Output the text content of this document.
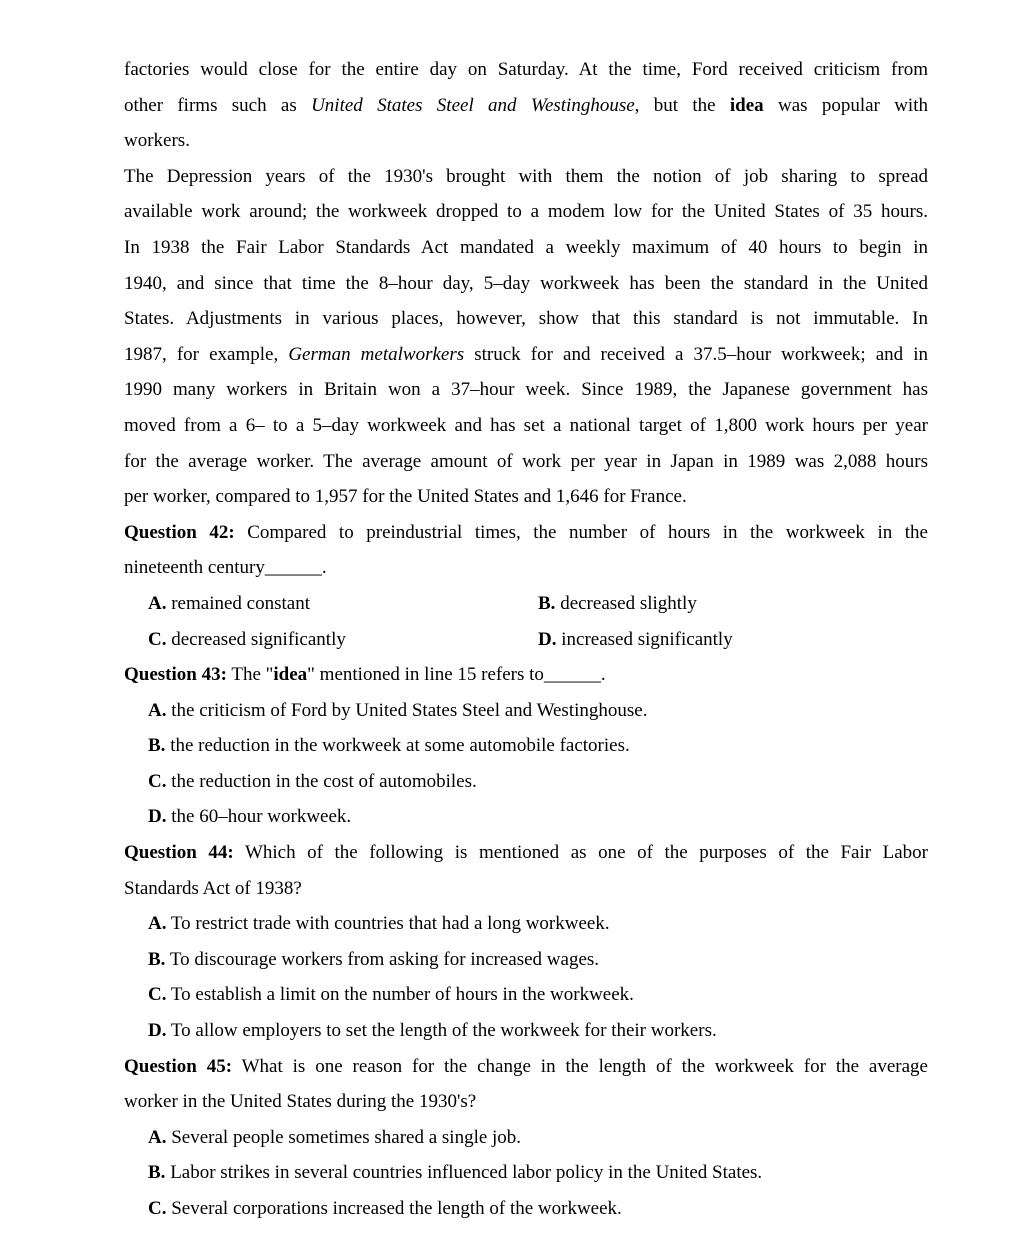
factories would close for the entire day on Saturday. At the time, Ford received criticism from
other firms such as United States Steel and Westinghouse, but the idea was popular with
workers.
The Depression years of the 1930's brought with them the notion of job sharing to spread
available work around; the workweek dropped to a modem low for the United States of 35 hours.
In 1938 the Fair Labor Standards Act mandated a weekly maximum of 40 hours to begin in
1940, and since that time the 8–hour day, 5–day workweek has been the standard in the United
States. Adjustments in various places, however, show that this standard is not immutable. In
1987, for example, German metalworkers struck for and received a 37.5–hour workweek; and in
1990 many workers in Britain won a 37–hour week. Since 1989, the Japanese government has
moved from a 6– to a 5–day workweek and has set a national target of 1,800 work hours per year
for the average worker. The average amount of work per year in Japan in 1989 was 2,088 hours
per worker, compared to 1,957 for the United States and 1,646 for France.
Question 42: Compared to preindustrial times, the number of hours in the workweek in the
nineteenth century______.
A. remained constant	B. decreased slightly
C. decreased significantly	D. increased significantly
Question 43: The "idea" mentioned in line 15 refers to______.
A. the criticism of Ford by United States Steel and Westinghouse.
B. the reduction in the workweek at some automobile factories.
C. the reduction in the cost of automobiles.
D. the 60–hour workweek.
Question 44: Which of the following is mentioned as one of the purposes of the Fair Labor
Standards Act of 1938?
A. To restrict trade with countries that had a long workweek.
B. To discourage workers from asking for increased wages.
C. To establish a limit on the number of hours in the workweek.
D. To allow employers to set the length of the workweek for their workers.
Question 45: What is one reason for the change in the length of the workweek for the average
worker in the United States during the 1930's?
A. Several people sometimes shared a single job.
B. Labor strikes in several countries influenced labor policy in the United States.
C. Several corporations increased the length of the workweek.
